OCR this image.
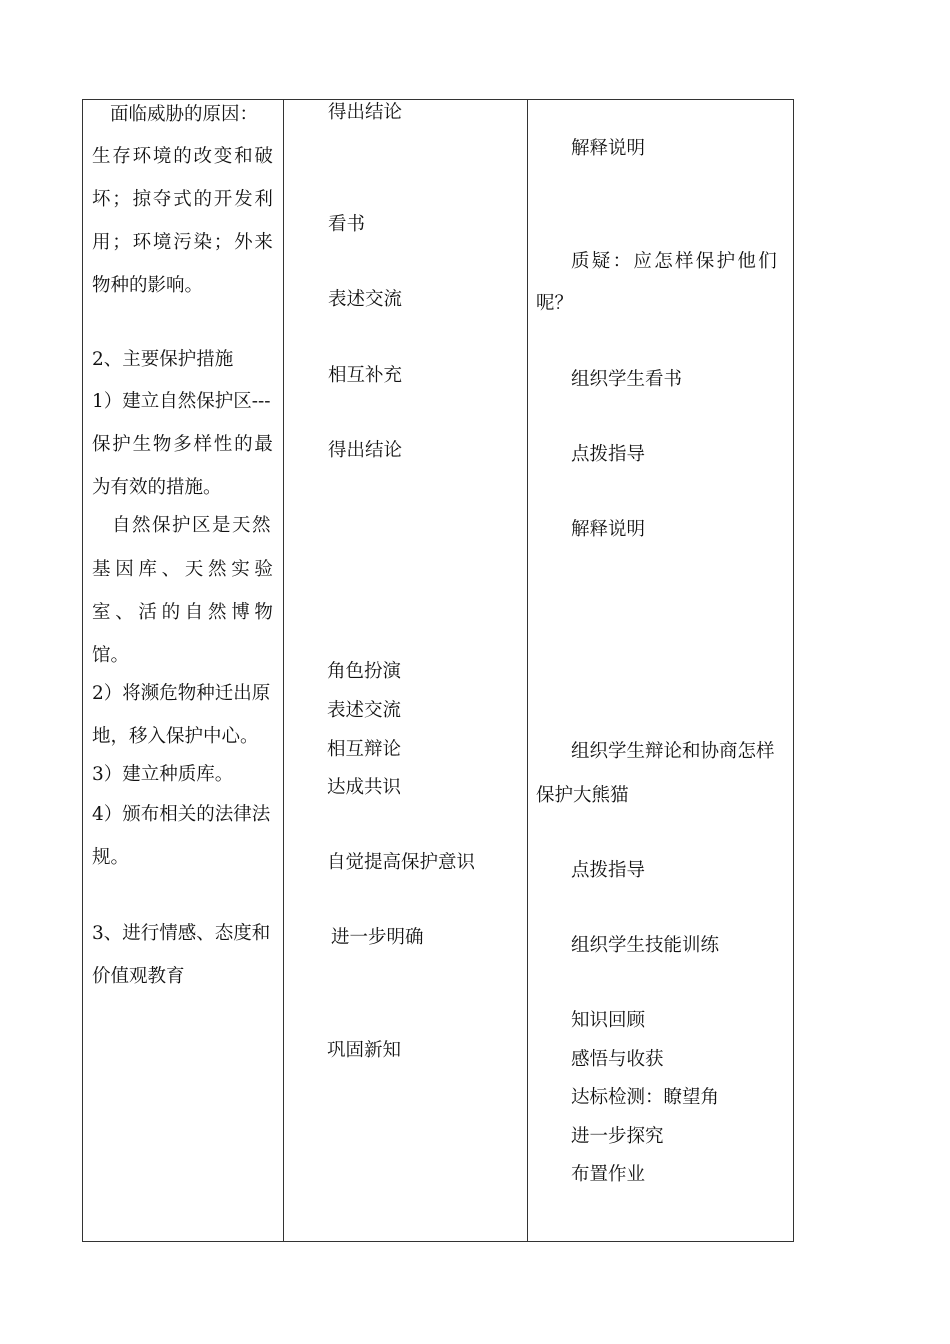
面临威胁的原因：
生存环境的改变和破
坏；掠夺式的开发利
用；环境污染；外来
物种的影响。
2、主要保护措施
1）建立自然保护区---
保护生物多样性的最
为有效的措施。
自然保护区是天然
基因库、天然实验
室、活的自然博物
馆。
2）将濒危物种迁出原
地，移入保护中心。
3）建立种质库。
4）颁布相关的法律法
规。
3、进行情感、态度和
价值观教育
得出结论
看书
表述交流
相互补充
得出结论
角色扮演
表述交流
相互辩论
达成共识
自觉提高保护意识
进一步明确
巩固新知
解释说明
质疑：应怎样保护他们
呢？
组织学生看书
点拨指导
解释说明
组织学生辩论和协商怎样
保护大熊猫
点拨指导
组织学生技能训练
知识回顾
感悟与收获
达标检测：瞭望角
进一步探究
布置作业
